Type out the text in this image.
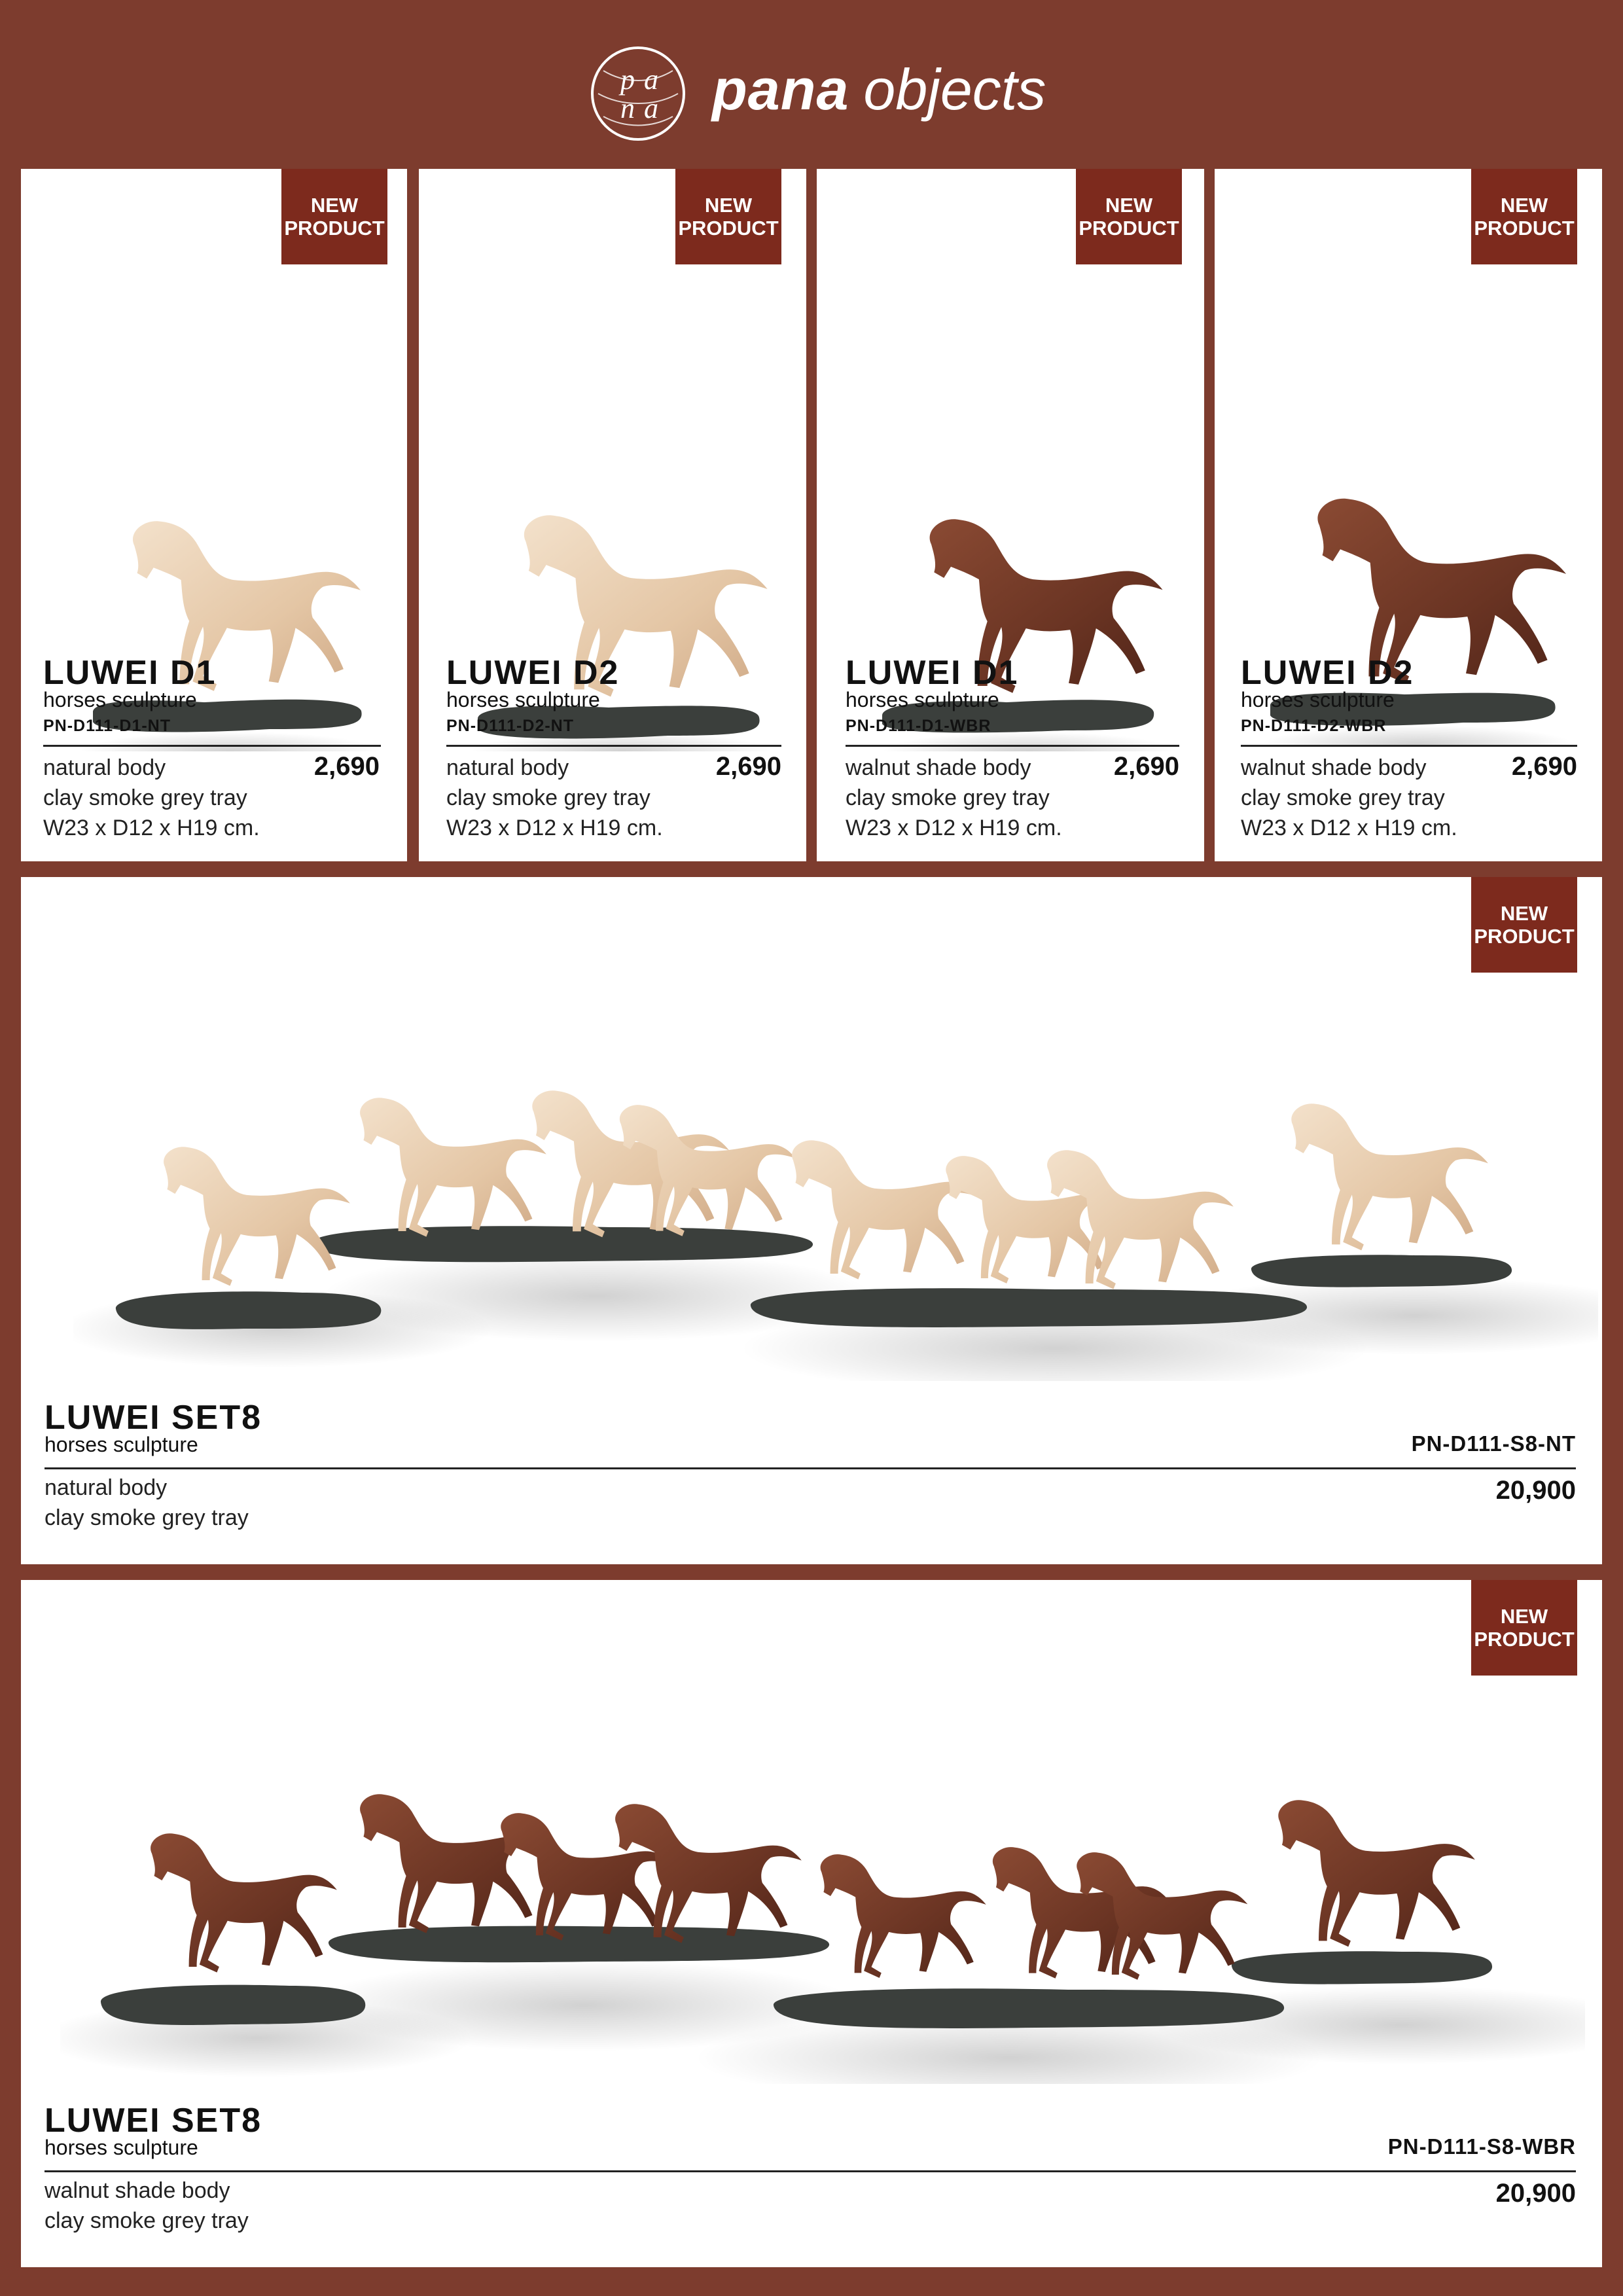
p a
n a pana objects
NEW
PRODUCT
LUWEI D1
horses sculpture
PN-D111-D1-NT
natural body
clay smoke grey tray
W23 x D12 x H19 cm.
2,690
NEW
PRODUCT
LUWEI D2
horses sculpture
PN-D111-D2-NT
natural body
clay smoke grey tray
W23 x D12 x H19 cm.
2,690
NEW
PRODUCT
LUWEI D1
horses sculpture
PN-D111-D1-WBR
walnut shade body
clay smoke grey tray
W23 x D12 x H19 cm.
2,690
NEW
PRODUCT
LUWEI D2
horses sculpture
PN-D111-D2-WBR
walnut shade body
clay smoke grey tray
W23 x D12 x H19 cm.
2,690
NEW
PRODUCT
LUWEI SET8
horses sculpture	PN-D111-S8-NT
natural body
clay smoke grey tray
20,900
NEW
PRODUCT
LUWEI SET8
horses sculpture	PN-D111-S8-WBR
walnut shade body
clay smoke grey tray
20,900
